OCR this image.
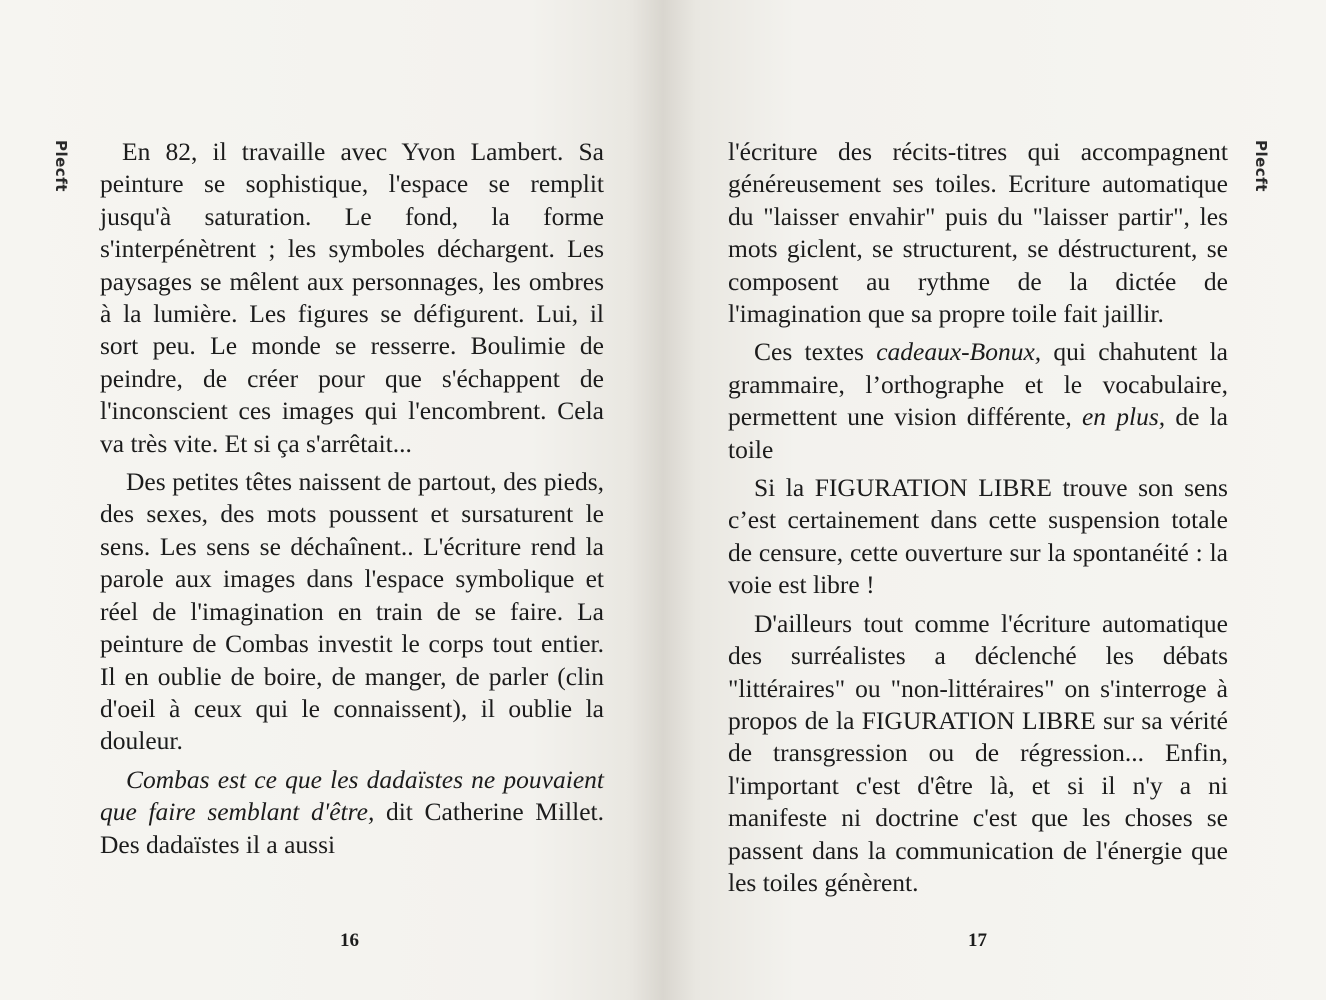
Plecft	En 82, il travaille avec Yvon Lambert. Sa peinture se sophistique, l'espace se remplit jusqu'à saturation. Le fond, la forme s'interpénètrent ; les symboles déchargent. Les paysages se mêlent aux personnages, les ombres à la lumière. Les figures se défigurent. Lui, il sort peu. Le monde se resserre. Boulimie de peindre, de créer pour que s'échappent de l'inconscient ces images qui l'encombrent. Cela va très vite. Et si ça s'arrêtait...

Des petites têtes naissent de partout, des pieds, des sexes, des mots poussent et sursaturent le sens. Les sens se déchaînent.. L'écriture rend la parole aux images dans l'espace symbolique et réel de l'imagination en train de se faire. La peinture de Combas investit le corps tout entier. Il en oublie de boire, de manger, de parler (clin d'oeil à ceux qui le connaissent), il oublie la douleur.

Combas est ce que les dadaïstes ne pouvaient que faire semblant d'être, dit Catherine Millet. Des dadaïstes il a aussi

16
Plecft

l'écriture des récits-titres qui accompagnent généreusement ses toiles. Ecriture automatique du "laisser envahir" puis du "laisser partir", les mots giclent, se structurent, se déstructurent, se composent au rythme de la dictée de l'imagination que sa propre toile fait jaillir.

Ces textes cadeaux-Bonux, qui chahutent la grammaire, l’orthographe et le vocabulaire, permettent une vision différente, en plus, de la toile

Si la FIGURATION LIBRE trouve son sens c’est certainement dans cette suspension totale de censure, cette ouverture sur la spontanéité : la voie est libre !

D'ailleurs tout comme l'écriture automatique des surréalistes a déclenché les débats "littéraires" ou "non-littéraires" on s'interroge à propos de la FIGURATION LIBRE sur sa vérité de transgression ou de régression... Enfin, l'important c'est d'être là, et si il n'y a ni manifeste ni doctrine c'est que les choses se passent dans la communication de l'énergie que les toiles génèrent.

17
